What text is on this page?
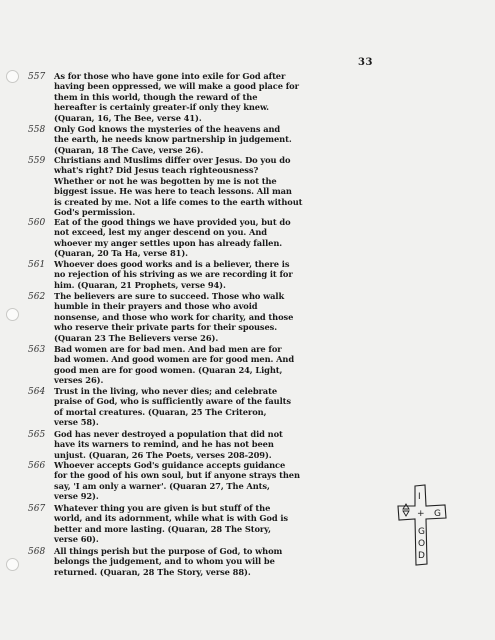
33
557 As for those who have gone into exile for God after
having been oppressed, we will make a good place for
them in this world, though the reward of the
hereafter is certainly greater-if only they knew.
(Quaran, 16, The Bee, verse 41).
558 Only God knows the mysteries of the heavens and
the earth, he needs know partnership in judgement.
(Quaran, 18 The Cave, verse 26).
559 Christians and Muslims differ over Jesus. Do you do
what's right? Did Jesus teach righteousness?
Whether or not he was begotten by me is not the
biggest issue. He was here to teach lessons. All man
is created by me. Not a life comes to the earth without
God's permission.
560 Eat of the good things we have provided you, but do
not exceed, lest my anger descend on you. And
whoever my anger settles upon has already fallen.
(Quaran, 20 Ta Ha, verse 81).
561 Whoever does good works and is a believer, there is
no rejection of his striving as we are recording it for
him. (Quaran, 21 Prophets, verse 94).
562 The believers are sure to succeed. Those who walk
humble in their prayers and those who avoid
nonsense, and those who work for charity, and those
who reserve their private parts for their spouses.
(Quaran 23 The Believers verse 26).
563 Bad women are for bad men. And bad men are for
bad women. And good women are for good men. And
good men are for good women. (Quaran 24, Light,
verses 26).
564 Trust in the living, who never dies; and celebrate
praise of God, who is sufficiently aware of the faults
of mortal creatures. (Quaran, 25 The Criteron,
verse 58).
565 God has never destroyed a population that did not
have its warners to remind, and he has not been
unjust. (Quaran, 26 The Poets, verses 208-209).
566 Whoever accepts God's guidance accepts guidance
for the good of his own soul, but if anyone strays then
say, 'I am only a warner'. (Quaran 27, The Ants,
verse 92).
567 Whatever thing you are given is but stuff of the
world, and its adornment, while what is with God is
better and more lasting. (Quaran, 28 The Story,
verse 60).
568 All things perish but the purpose of God, to whom
belongs the judgement, and to whom you will be
returned. (Quaran, 28 The Story, verse 88).
I
+ G
G
O
D
